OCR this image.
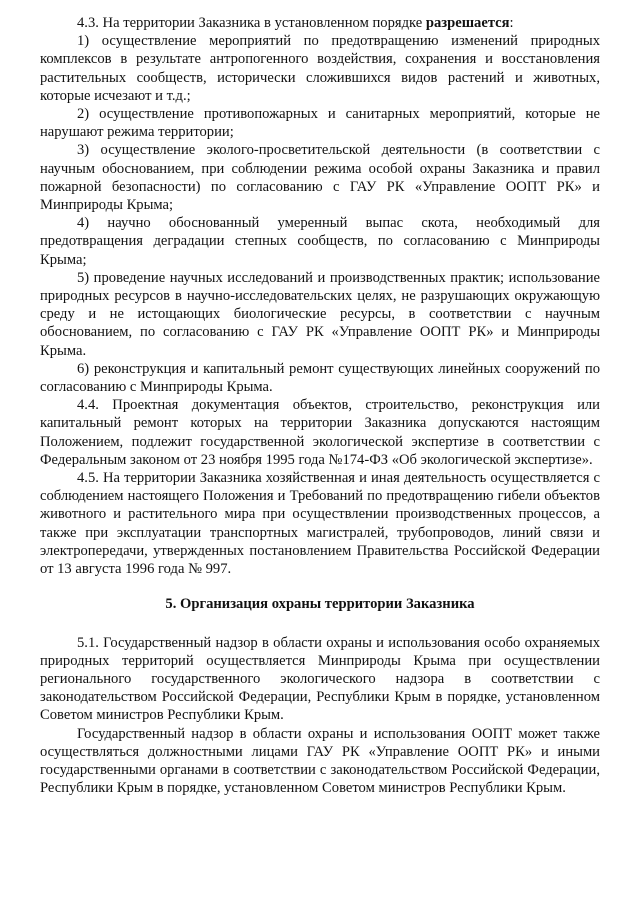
4.3. На территории Заказника в установленном порядке разрешается:

1) осуществление мероприятий по предотвращению изменений природных комплексов в результате антропогенного воздействия, сохранения и восстановления растительных сообществ, исторически сложившихся видов растений и животных, которые исчезают и т.д.;

2) осуществление противопожарных и санитарных мероприятий, которые не нарушают режима территории;

3) осуществление эколого-просветительской деятельности (в соответствии с научным обоснованием, при соблюдении режима особой охраны Заказника и правил пожарной безопасности) по согласованию с ГАУ РК «Управление ООПТ РК» и Минприроды Крыма;

4) научно обоснованный умеренный выпас скота, необходимый для предотвращения деградации степных сообществ, по согласованию с Минприроды Крыма;

5) проведение научных исследований и производственных практик; использование природных ресурсов в научно-исследовательских целях, не разрушающих окружающую среду и не истощающих биологические ресурсы, в соответствии с научным обоснованием, по согласованию с ГАУ РК «Управление ООПТ РК» и Минприроды Крыма.

6) реконструкция и капитальный ремонт существующих линейных сооружений по согласованию с Минприроды Крыма.

4.4. Проектная документация объектов, строительство, реконструкция или капитальный ремонт которых на территории Заказника допускаются настоящим Положением, подлежит государственной экологической экспертизе в соответствии с Федеральным законом от 23 ноября 1995 года №174-ФЗ «Об экологической экспертизе».

4.5. На территории Заказника хозяйственная и иная деятельность осуществляется с соблюдением настоящего Положения и Требований по предотвращению гибели объектов животного и растительного мира при осуществлении производственных процессов, а также при эксплуатации транспортных магистралей, трубопроводов, линий связи и электропередачи, утвержденных постановлением Правительства Российской Федерации от 13 августа 1996 года № 997.

5. Организация охраны территории Заказника

5.1. Государственный надзор в области охраны и использования особо охраняемых природных территорий осуществляется Минприроды Крыма при осуществлении регионального государственного экологического надзора в соответствии с законодательством Российской Федерации, Республики Крым в порядке, установленном Советом министров Республики Крым.

Государственный надзор в области охраны и использования ООПТ может также осуществляться должностными лицами ГАУ РК «Управление ООПТ РК» и иными государственными органами в соответствии с законодательством Российской Федерации, Республики Крым в порядке, установленном Советом министров Республики Крым.
